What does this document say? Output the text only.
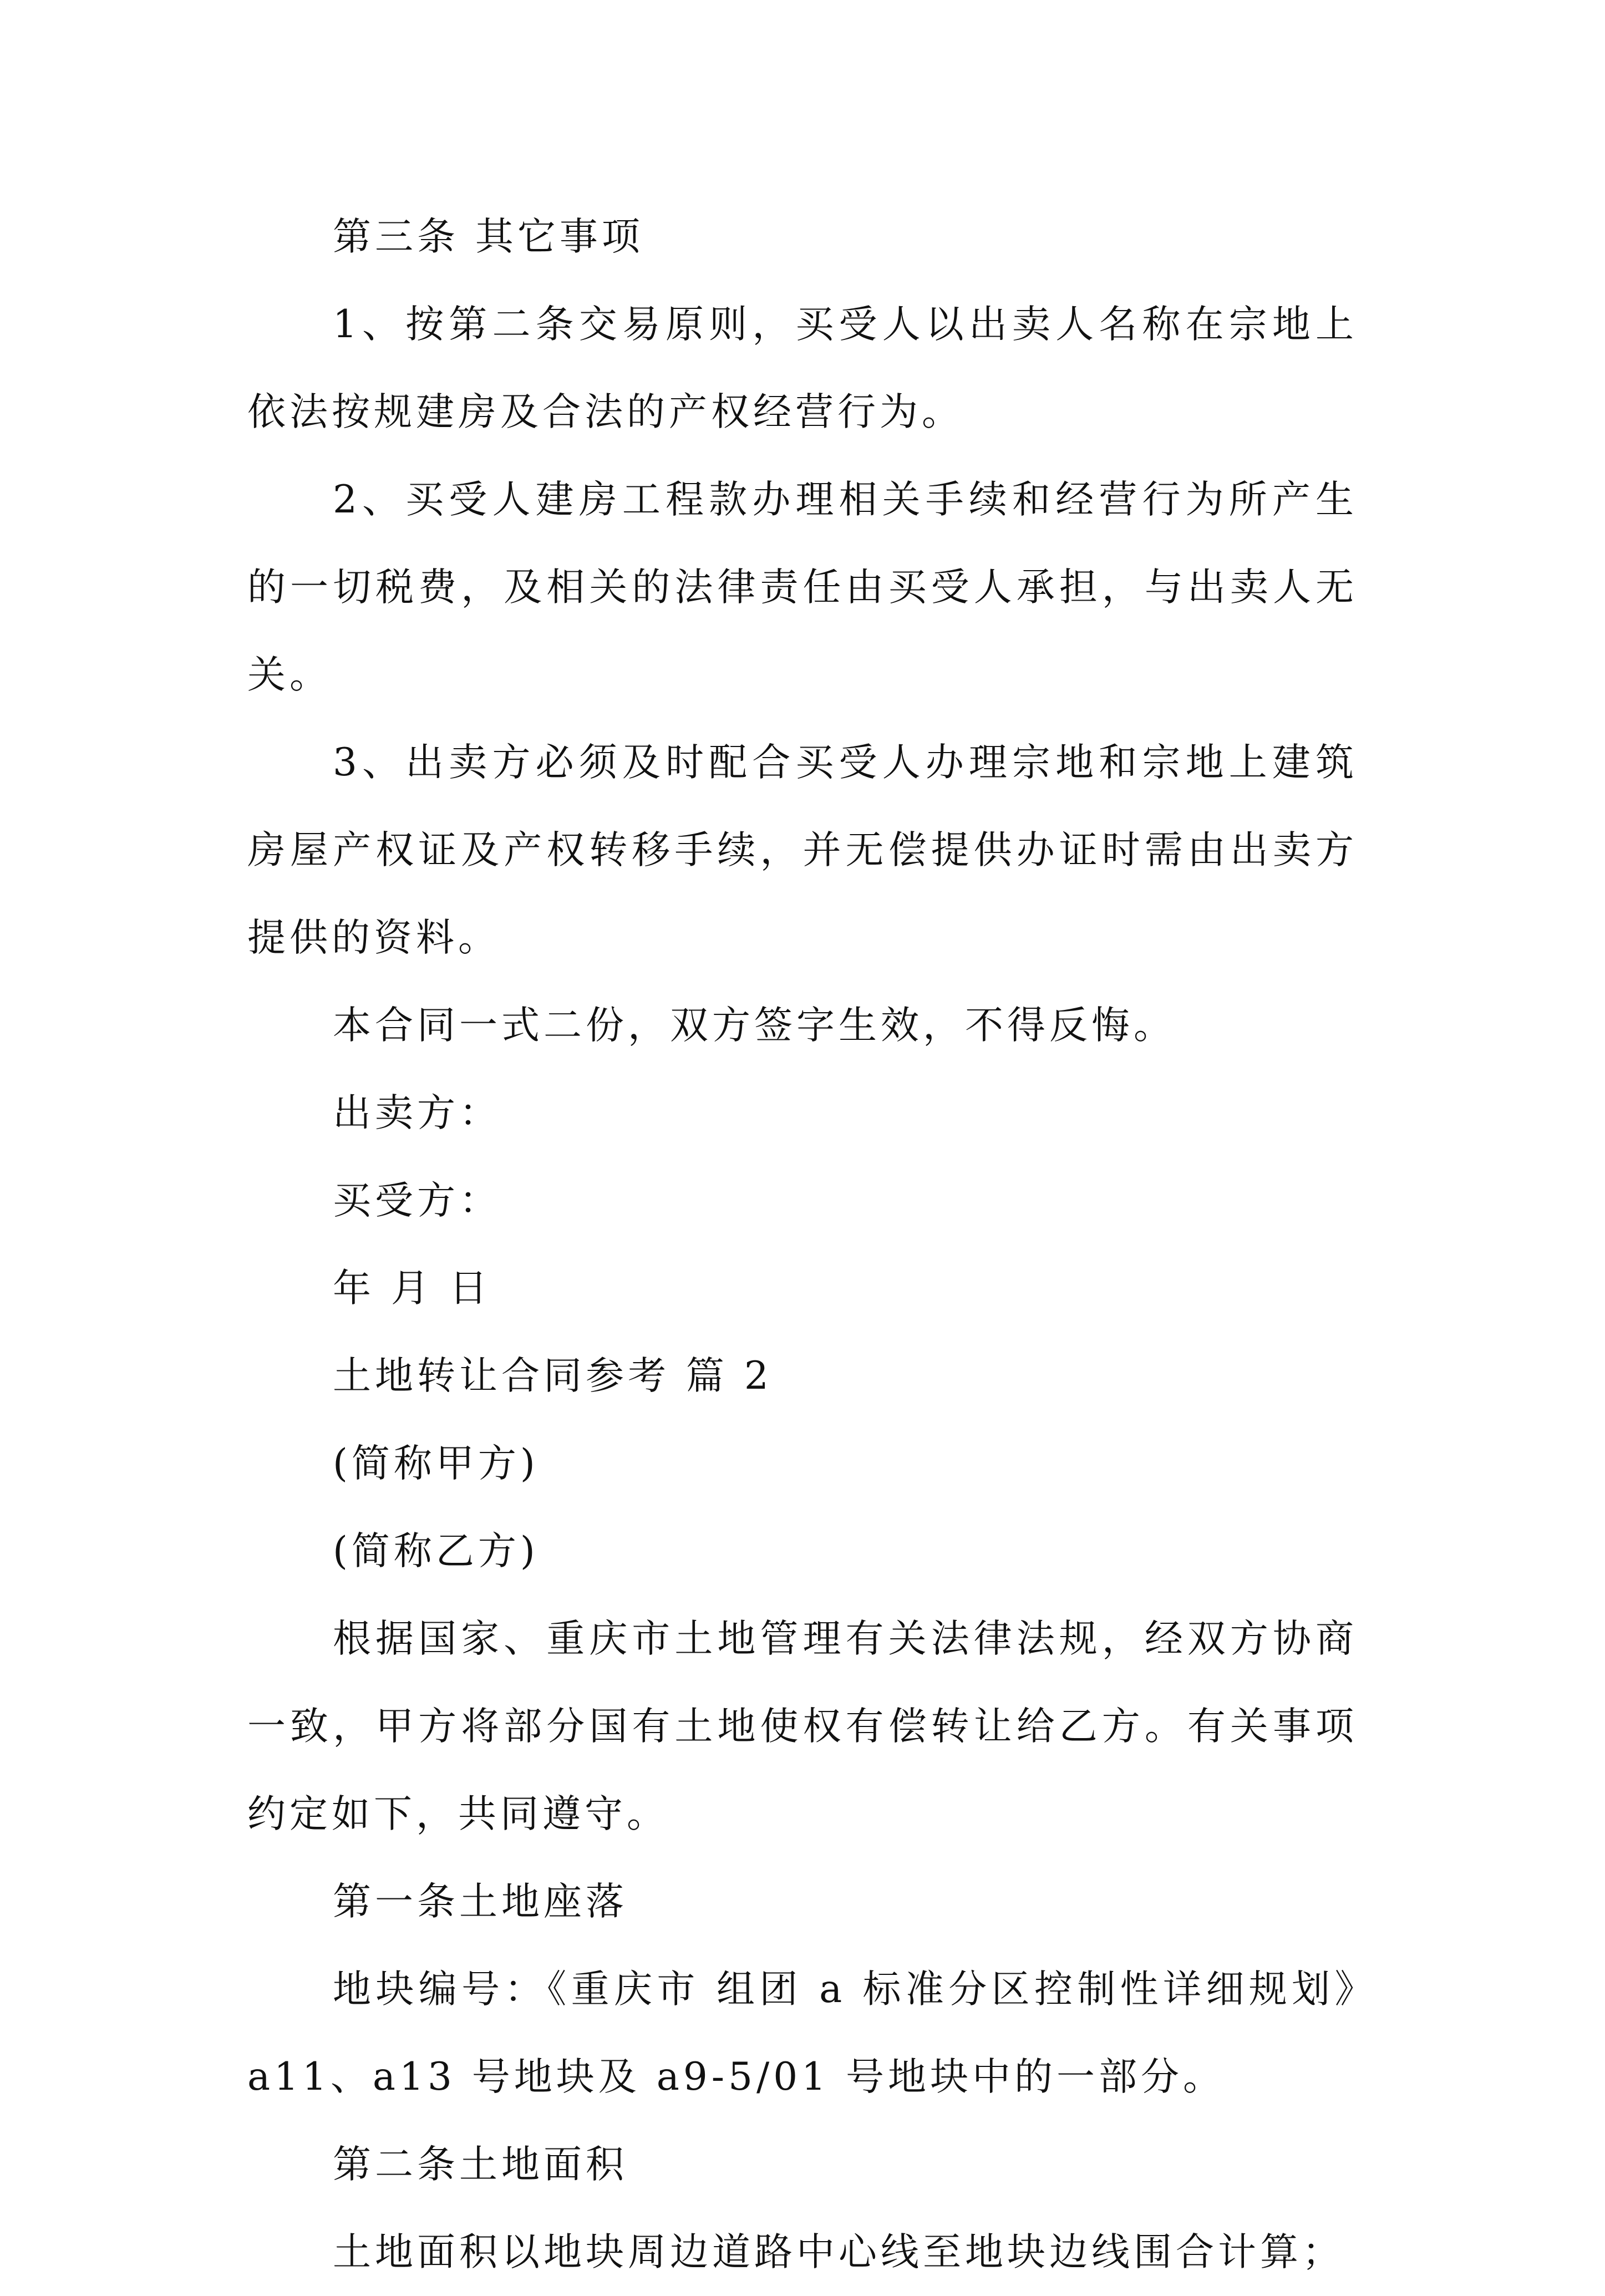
第三条 其它事项

1、按第二条交易原则，买受人以出卖人名称在宗地上依法按规建房及合法的产权经营行为。

2、买受人建房工程款办理相关手续和经营行为所产生的一切税费，及相关的法律责任由买受人承担，与出卖人无关。

3、出卖方必须及时配合买受人办理宗地和宗地上建筑房屋产权证及产权转移手续，并无偿提供办证时需由出卖方提供的资料。

本合同一式二份，双方签字生效，不得反悔。

出卖方：

买受方：

年 月 日

土地转让合同参考 篇 2

(简称甲方)

(简称乙方)

根据国家、重庆市土地管理有关法律法规，经双方协商一致，甲方将部分国有土地使权有偿转让给乙方。有关事项约定如下，共同遵守。

第一条土地座落

地块编号：《重庆市 组团 a 标准分区控制性详细规划》a11、a13 号地块及 a9-5/01 号地块中的一部分。

第二条土地面积

土地面积以地块周边道路中心线至地块边线围合计算；
